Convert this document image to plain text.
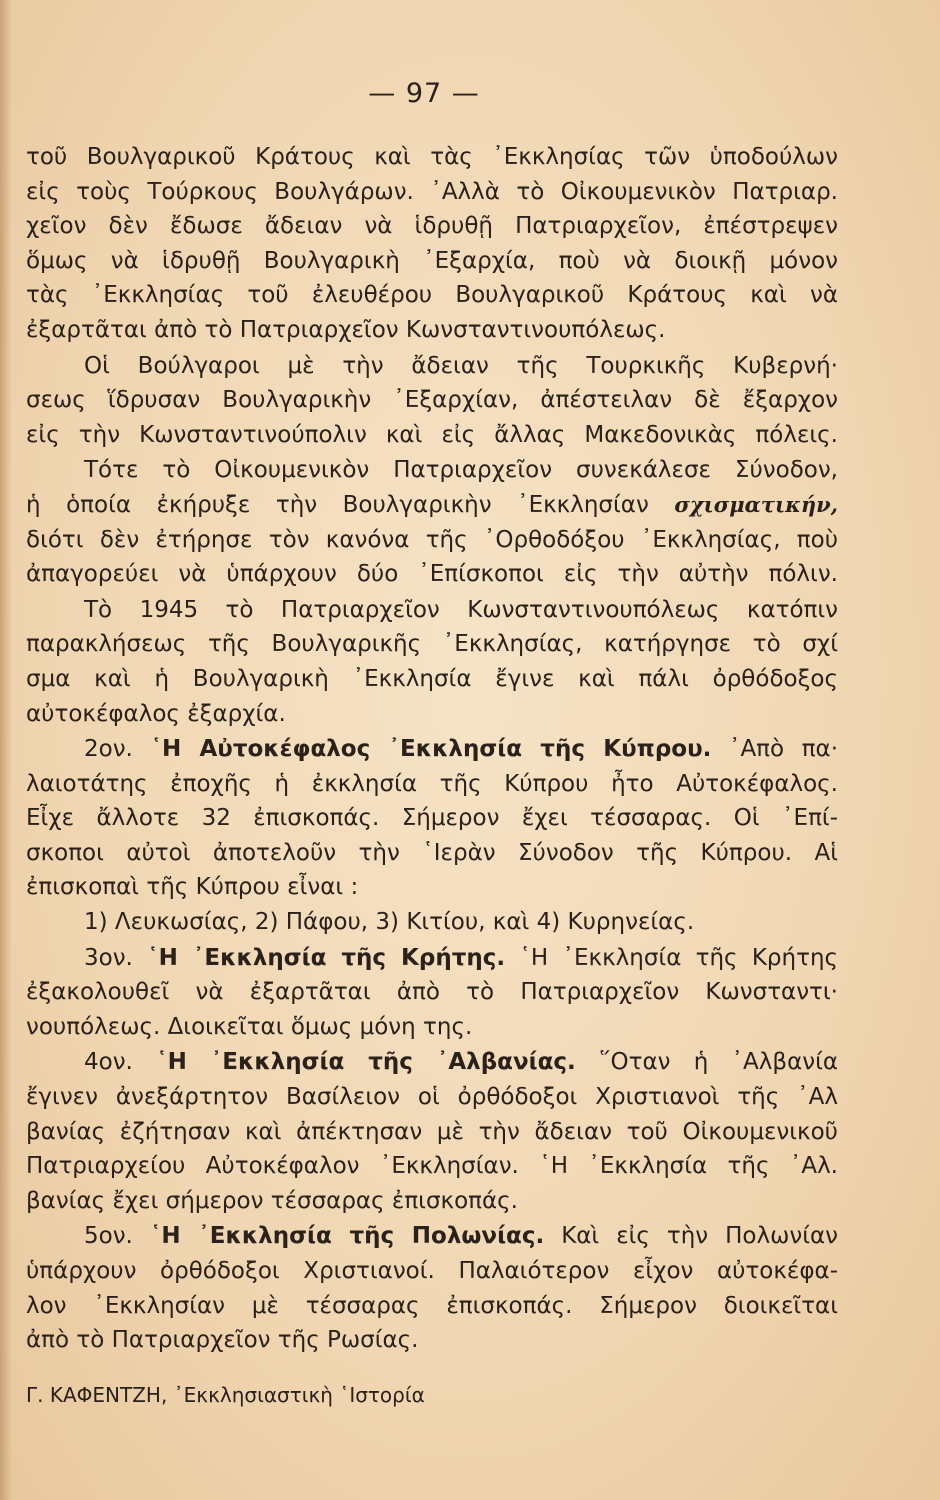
— 97 —
τοῦ Βουλγαρικοῦ Κράτους καὶ τὰς ᾽Εκκλησίας τῶν ὑποδούλων
εἰς τοὺς Τούρκους Βουλγάρων. ᾽Αλλὰ τὸ Οἰκουμενικὸν Πατριαρ.
χεῖον δὲν ἔδωσε ἄδειαν νὰ ἱδρυθῇ Πατριαρχεῖον, ἐπέστρεψεν
ὅμως νὰ ἱδρυθῇ Βουλγαρικὴ ᾽Εξαρχία, ποὺ νὰ διοικῇ μόνον
τὰς ᾽Εκκλησίας τοῦ ἐλευθέρου Βουλγαρικοῦ Κράτους καὶ νὰ
ἐξαρτᾶται ἀπὸ τὸ Πατριαρχεῖον Κωνσταντινουπόλεως.
Οἱ Βούλγαροι μὲ τὴν ἄδειαν τῆς Τουρκικῆς Κυβερνή·
σεως ἵδρυσαν Βουλγαρικὴν ᾽Εξαρχίαν, ἀπέστειλαν δὲ ἔξαρχον
εἰς τὴν Κωνσταντινούπολιν καὶ εἰς ἄλλας Μακεδονικὰς πόλεις.
Τότε τὸ Οἰκουμενικὸν Πατριαρχεῖον συνεκάλεσε Σύνοδον,
ἡ ὁποία ἐκήρυξε τὴν Βουλγαρικὴν ᾽Εκκλησίαν σχισματικήν,
διότι δὲν ἐτήρησε τὸν κανόνα τῆς ᾽Ορθοδόξου ᾽Εκκλησίας, ποὺ
ἀπαγορεύει νὰ ὑπάρχουν δύο ᾽Επίσκοποι εἰς τὴν αὐτὴν πόλιν.
Τὸ 1945 τὸ Πατριαρχεῖον Κωνσταντινουπόλεως κατόπιν
παρακλήσεως τῆς Βουλγαρικῆς ᾽Εκκλησίας, κατήργησε τὸ σχί
σμα καὶ ἡ Βουλγαρικὴ ᾽Εκκλησία ἔγινε καὶ πάλι ὀρθόδοξος
αὐτοκέφαλος ἐξαρχία.
2ον. ῾Η Αὐτοκέφαλος ᾽Εκκλησία τῆς Κύπρου. ᾽Απὸ πα·
λαιοτάτης ἐποχῆς ἡ ἐκκλησία τῆς Κύπρου ἦτο Αὐτοκέφαλος.
Εἶχε ἄλλοτε 32 ἐπισκοπάς. Σήμερον ἔχει τέσσαρας. Οἱ ᾽Επί-
σκοποι αὐτοὶ ἀποτελοῦν τὴν ῾Ιερὰν Σύνοδον τῆς Κύπρου. Αἱ
ἐπισκοπαὶ τῆς Κύπρου εἶναι :
1) Λευκωσίας, 2) Πάφου, 3) Κιτίου, καὶ 4) Κυρηνείας.
3ον. ῾Η ᾽Εκκλησία τῆς Κρήτης. ῾Η ᾽Εκκλησία τῆς Κρήτης
ἐξακολουθεῖ νὰ ἐξαρτᾶται ἀπὸ τὸ Πατριαρχεῖον Κωνσταντι·
νουπόλεως. Διοικεῖται ὅμως μόνη της.
4ον. ῾Η ᾽Εκκλησία τῆς ᾽Αλβανίας. ῞Οταν ἡ ᾽Αλβανία
ἔγινεν ἀνεξάρτητον Βασίλειον οἱ ὀρθόδοξοι Χριστιανοὶ τῆς ᾽Αλ
βανίας ἐζήτησαν καὶ ἀπέκτησαν μὲ τὴν ἄδειαν τοῦ Οἰκουμενικοῦ
Πατριαρχείου Αὐτοκέφαλον ᾽Εκκλησίαν. ῾Η ᾽Εκκλησία τῆς ᾽Αλ.
βανίας ἔχει σήμερον τέσσαρας ἐπισκοπάς.
5ον. ῾Η ᾽Εκκλησία τῆς Πολωνίας. Καὶ εἰς τὴν Πολωνίαν
ὑπάρχουν ὀρθόδοξοι Χριστιανοί. Παλαιότερον εἶχον αὐτοκέφα-
λον ᾽Εκκλησίαν μὲ τέσσαρας ἐπισκοπάς. Σήμερον διοικεῖται
ἀπὸ τὸ Πατριαρχεῖον τῆς Ρωσίας.
Γ. ΚΑΦΕΝΤΖΗ, ᾽Εκκλησιαστικὴ ῾Ιστορία
